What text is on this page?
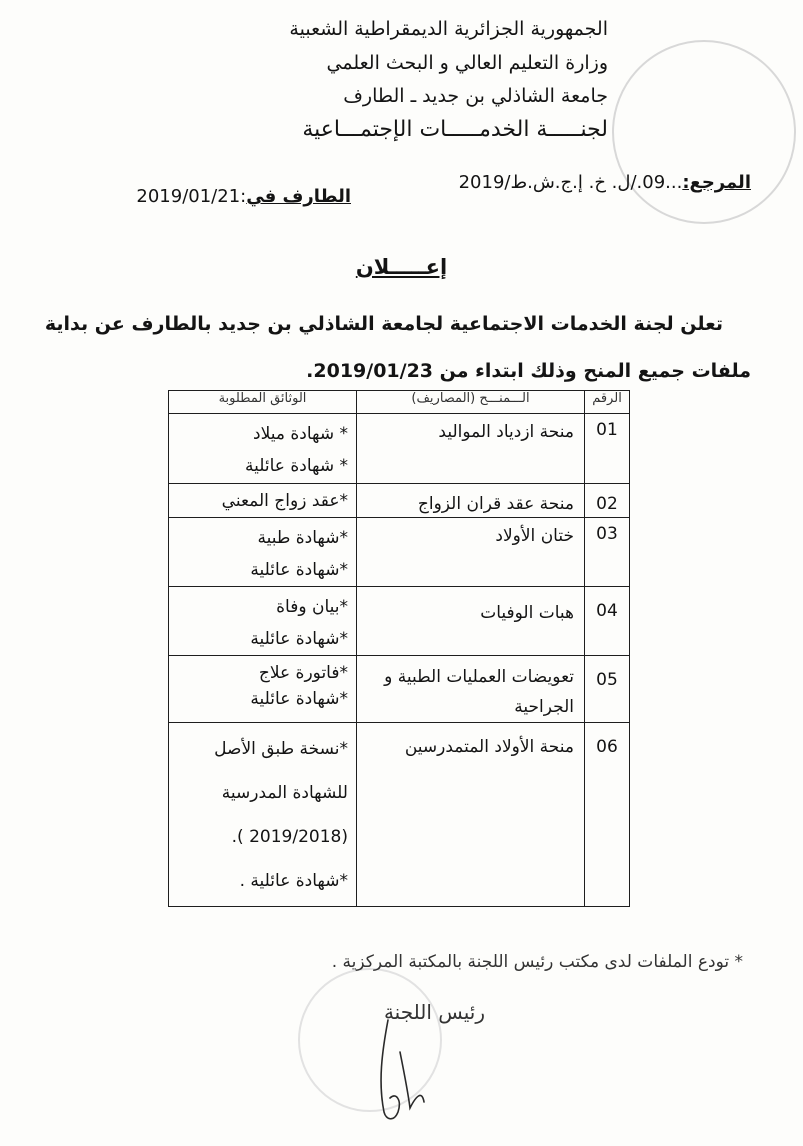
الجمهورية الجزائرية الديمقراطية الشعبية
وزارة التعليم العالي و البحث العلمي
جامعة الشاذلي بن جديد ـ الطارف
لجنـــــة الخدمـــــات الإجتمـــاعية
المرجع:...09./ل. خ. إ.ج.ش.ط/2019
الطارف في:2019/01/21
إعـــــلان
تعلن لجنة الخدمات الاجتماعية لجامعة الشاذلي بن جديد بالطارف عن بداية
ملفات جميع المنح وذلك ابتداء من 2019/01/23.
الرقم	الـــمنـــح (المصاريف)	الوثائق المطلوبة
01	منحة ازدياد المواليد	* شهادة ميلاد
* شهادة عائلية

02	منحة عقد قران الزواج	*عقد زواج المعني

03	ختان الأولاد	*شهادة طبية
*شهادة عائلية

04	هبات الوفيات	*بيان وفاة
*شهادة عائلية

05	تعويضات العمليات الطبية و الجراحية	*فاتورة علاج
*شهادة عائلية

06	منحة الأولاد المتمدرسين	*نسخة طبق الأصل
للشهادة المدرسية
(2019/2018 ).
*شهادة عائلية .
* تودع الملفات لدى مكتب رئيس اللجنة بالمكتبة المركزية .
رئيس اللجنة
